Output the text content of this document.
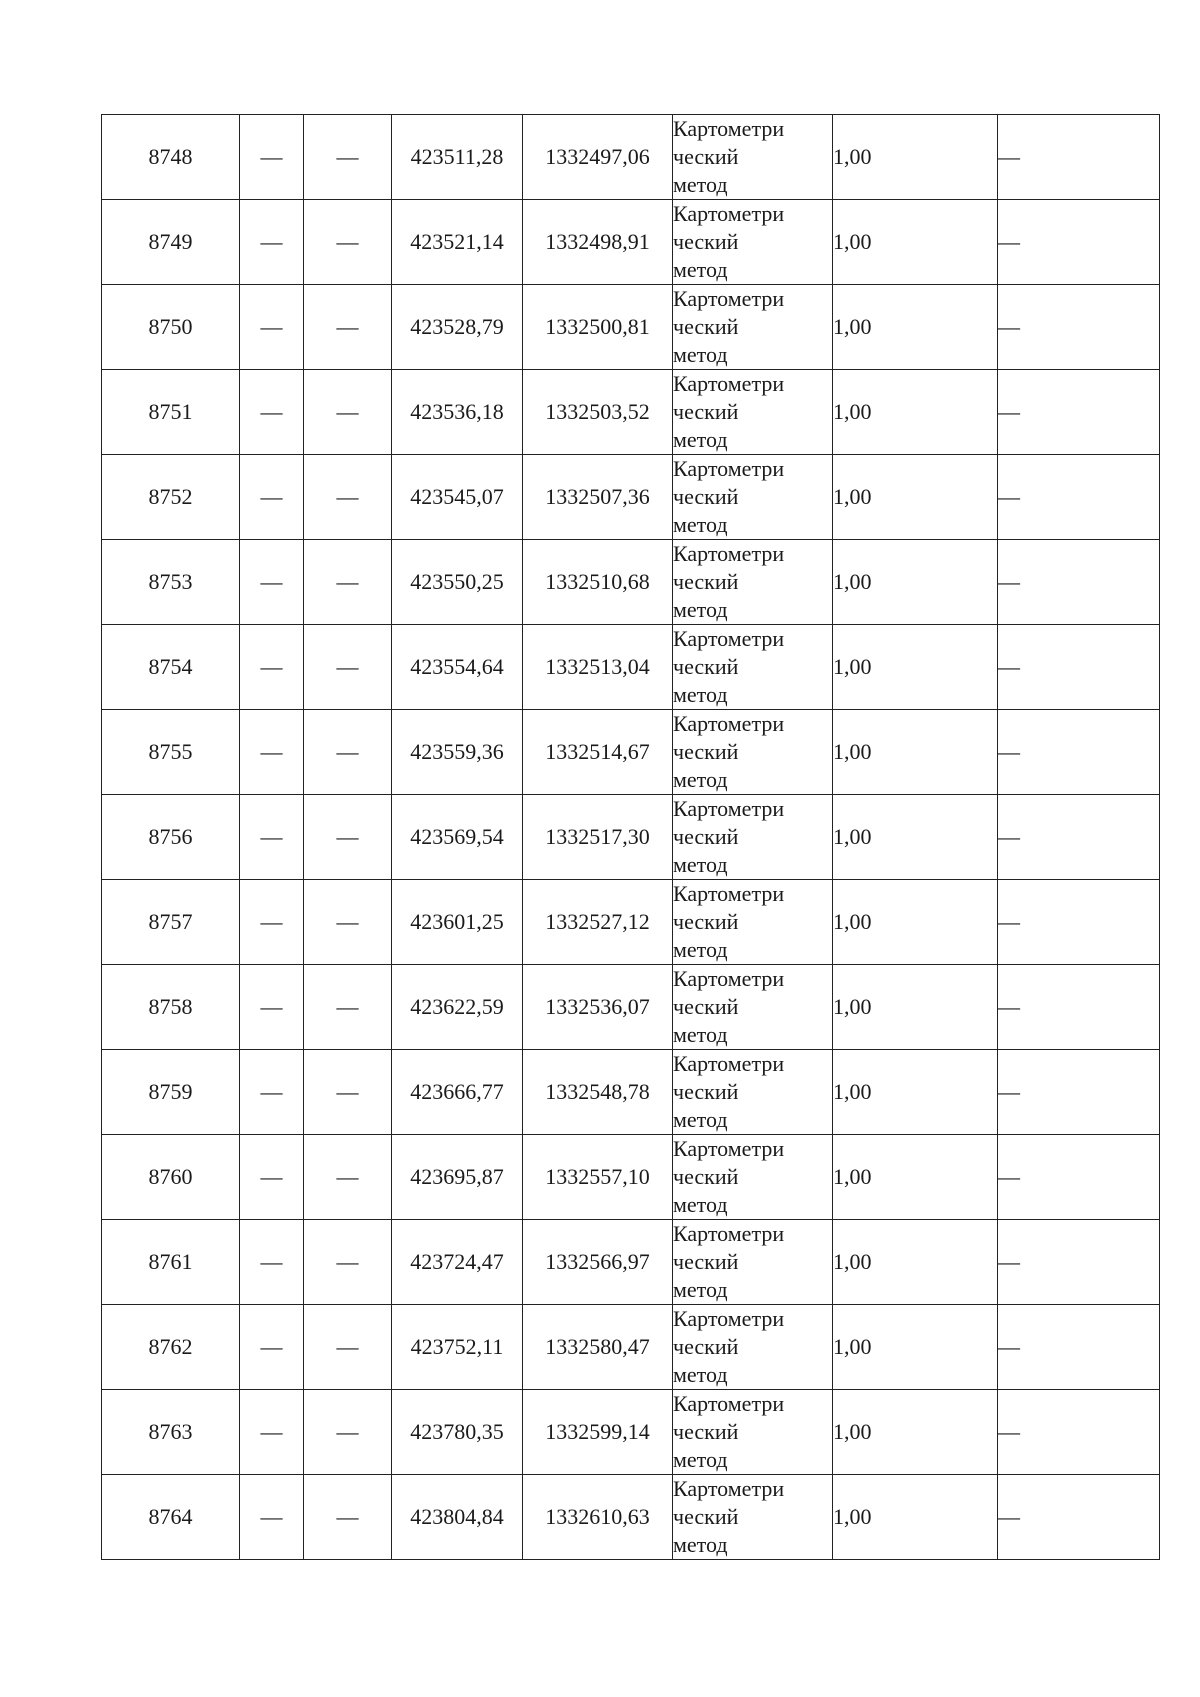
8748	—	—	423511,28	1332497,06	Картометри
ческий
метод	1,00	—
8749	—	—	423521,14	1332498,91	Картометри
ческий
метод	1,00	—
8750	—	—	423528,79	1332500,81	Картометри
ческий
метод	1,00	—
8751	—	—	423536,18	1332503,52	Картометри
ческий
метод	1,00	—
8752	—	—	423545,07	1332507,36	Картометри
ческий
метод	1,00	—
8753	—	—	423550,25	1332510,68	Картометри
ческий
метод	1,00	—
8754	—	—	423554,64	1332513,04	Картометри
ческий
метод	1,00	—
8755	—	—	423559,36	1332514,67	Картометри
ческий
метод	1,00	—
8756	—	—	423569,54	1332517,30	Картометри
ческий
метод	1,00	—
8757	—	—	423601,25	1332527,12	Картометри
ческий
метод	1,00	—
8758	—	—	423622,59	1332536,07	Картометри
ческий
метод	1,00	—
8759	—	—	423666,77	1332548,78	Картометри
ческий
метод	1,00	—
8760	—	—	423695,87	1332557,10	Картометри
ческий
метод	1,00	—
8761	—	—	423724,47	1332566,97	Картометри
ческий
метод	1,00	—
8762	—	—	423752,11	1332580,47	Картометри
ческий
метод	1,00	—
8763	—	—	423780,35	1332599,14	Картометри
ческий
метод	1,00	—
8764	—	—	423804,84	1332610,63	Картометри
ческий
метод	1,00	—
